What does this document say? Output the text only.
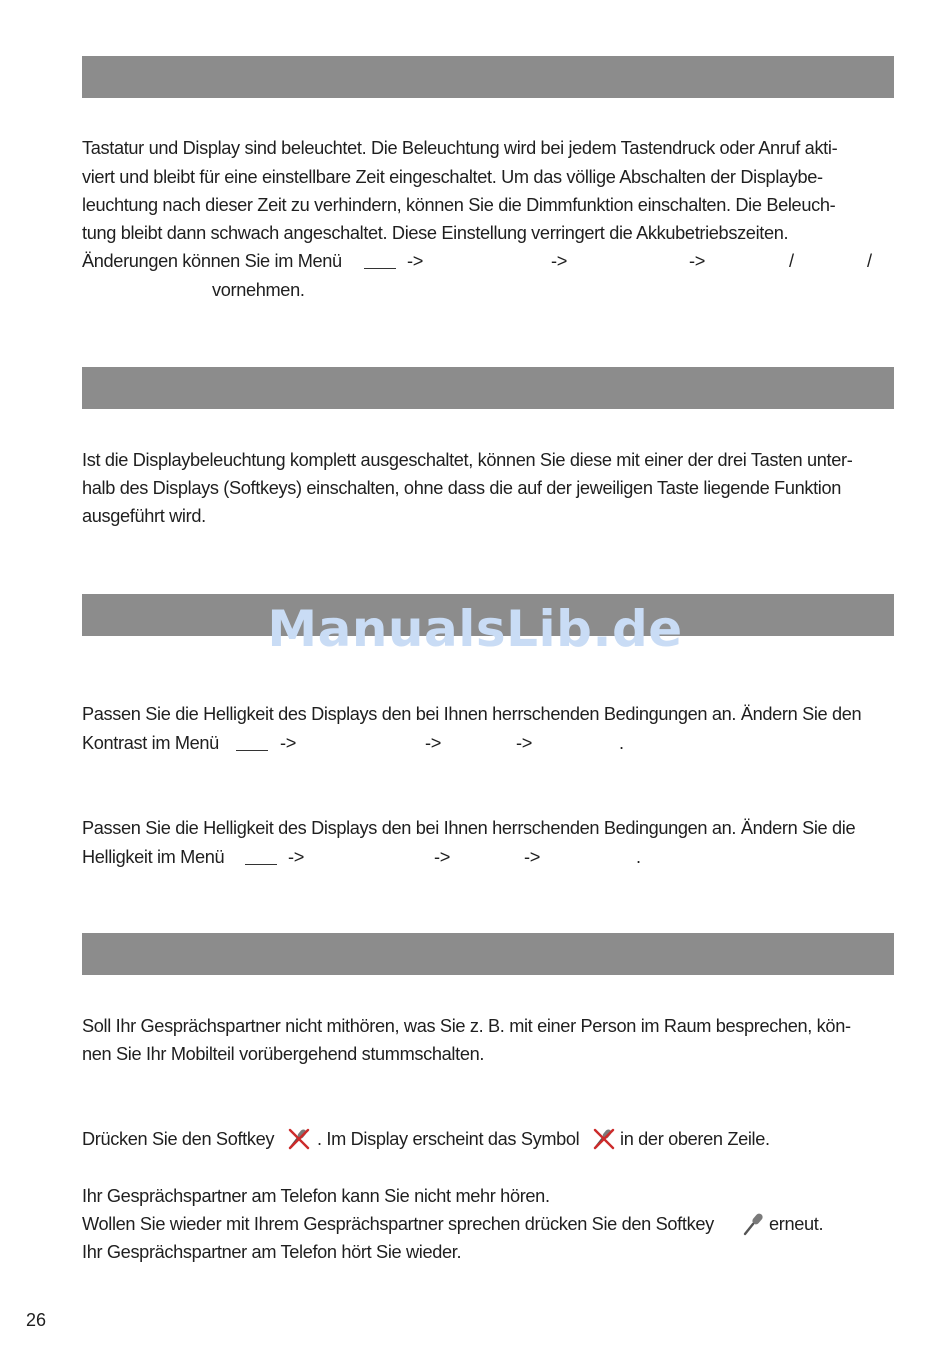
Tastatur und Display sind beleuchtet. Die Beleuchtung wird bei jedem Tastendruck oder Anruf akti-
viert und bleibt für eine einstellbare Zeit eingeschaltet. Um das völlige Abschalten der Displaybe-
leuchtung nach dieser Zeit zu verhindern, können Sie die Dimmfunktion einschalten. Die Beleuch-
tung bleibt dann schwach angeschaltet. Diese Einstellung verringert die Akkubetriebszeiten.
Änderungen können Sie im Menü	->	->	->	/	/
vornehmen.
Ist die Displaybeleuchtung komplett ausgeschaltet, können Sie diese mit einer der drei Tasten unter-
halb des Displays (Softkeys) einschalten, ohne dass die auf der jeweiligen Taste liegende Funktion
ausgeführt wird.
ManualsLib.de
Passen Sie die Helligkeit des Displays den bei Ihnen herrschenden Bedingungen an. Ändern Sie den
Kontrast im Menü	->	->	->	.
Passen Sie die Helligkeit des Displays den bei Ihnen herrschenden Bedingungen an. Ändern Sie die
Helligkeit im Menü	->	->	->	.
Soll Ihr Gesprächspartner nicht mithören, was Sie z. B. mit einer Person im Raum besprechen, kön-
nen Sie Ihr Mobilteil vorübergehend stummschalten.
Drücken Sie den Softkey . Im Display erscheint das Symbol in der oberen Zeile.
Ihr Gesprächspartner am Telefon kann Sie nicht mehr hören.
Wollen Sie wieder mit Ihrem Gesprächspartner sprechen drücken Sie den Softkey	erneut.
Ihr Gesprächspartner am Telefon hört Sie wieder.
26
